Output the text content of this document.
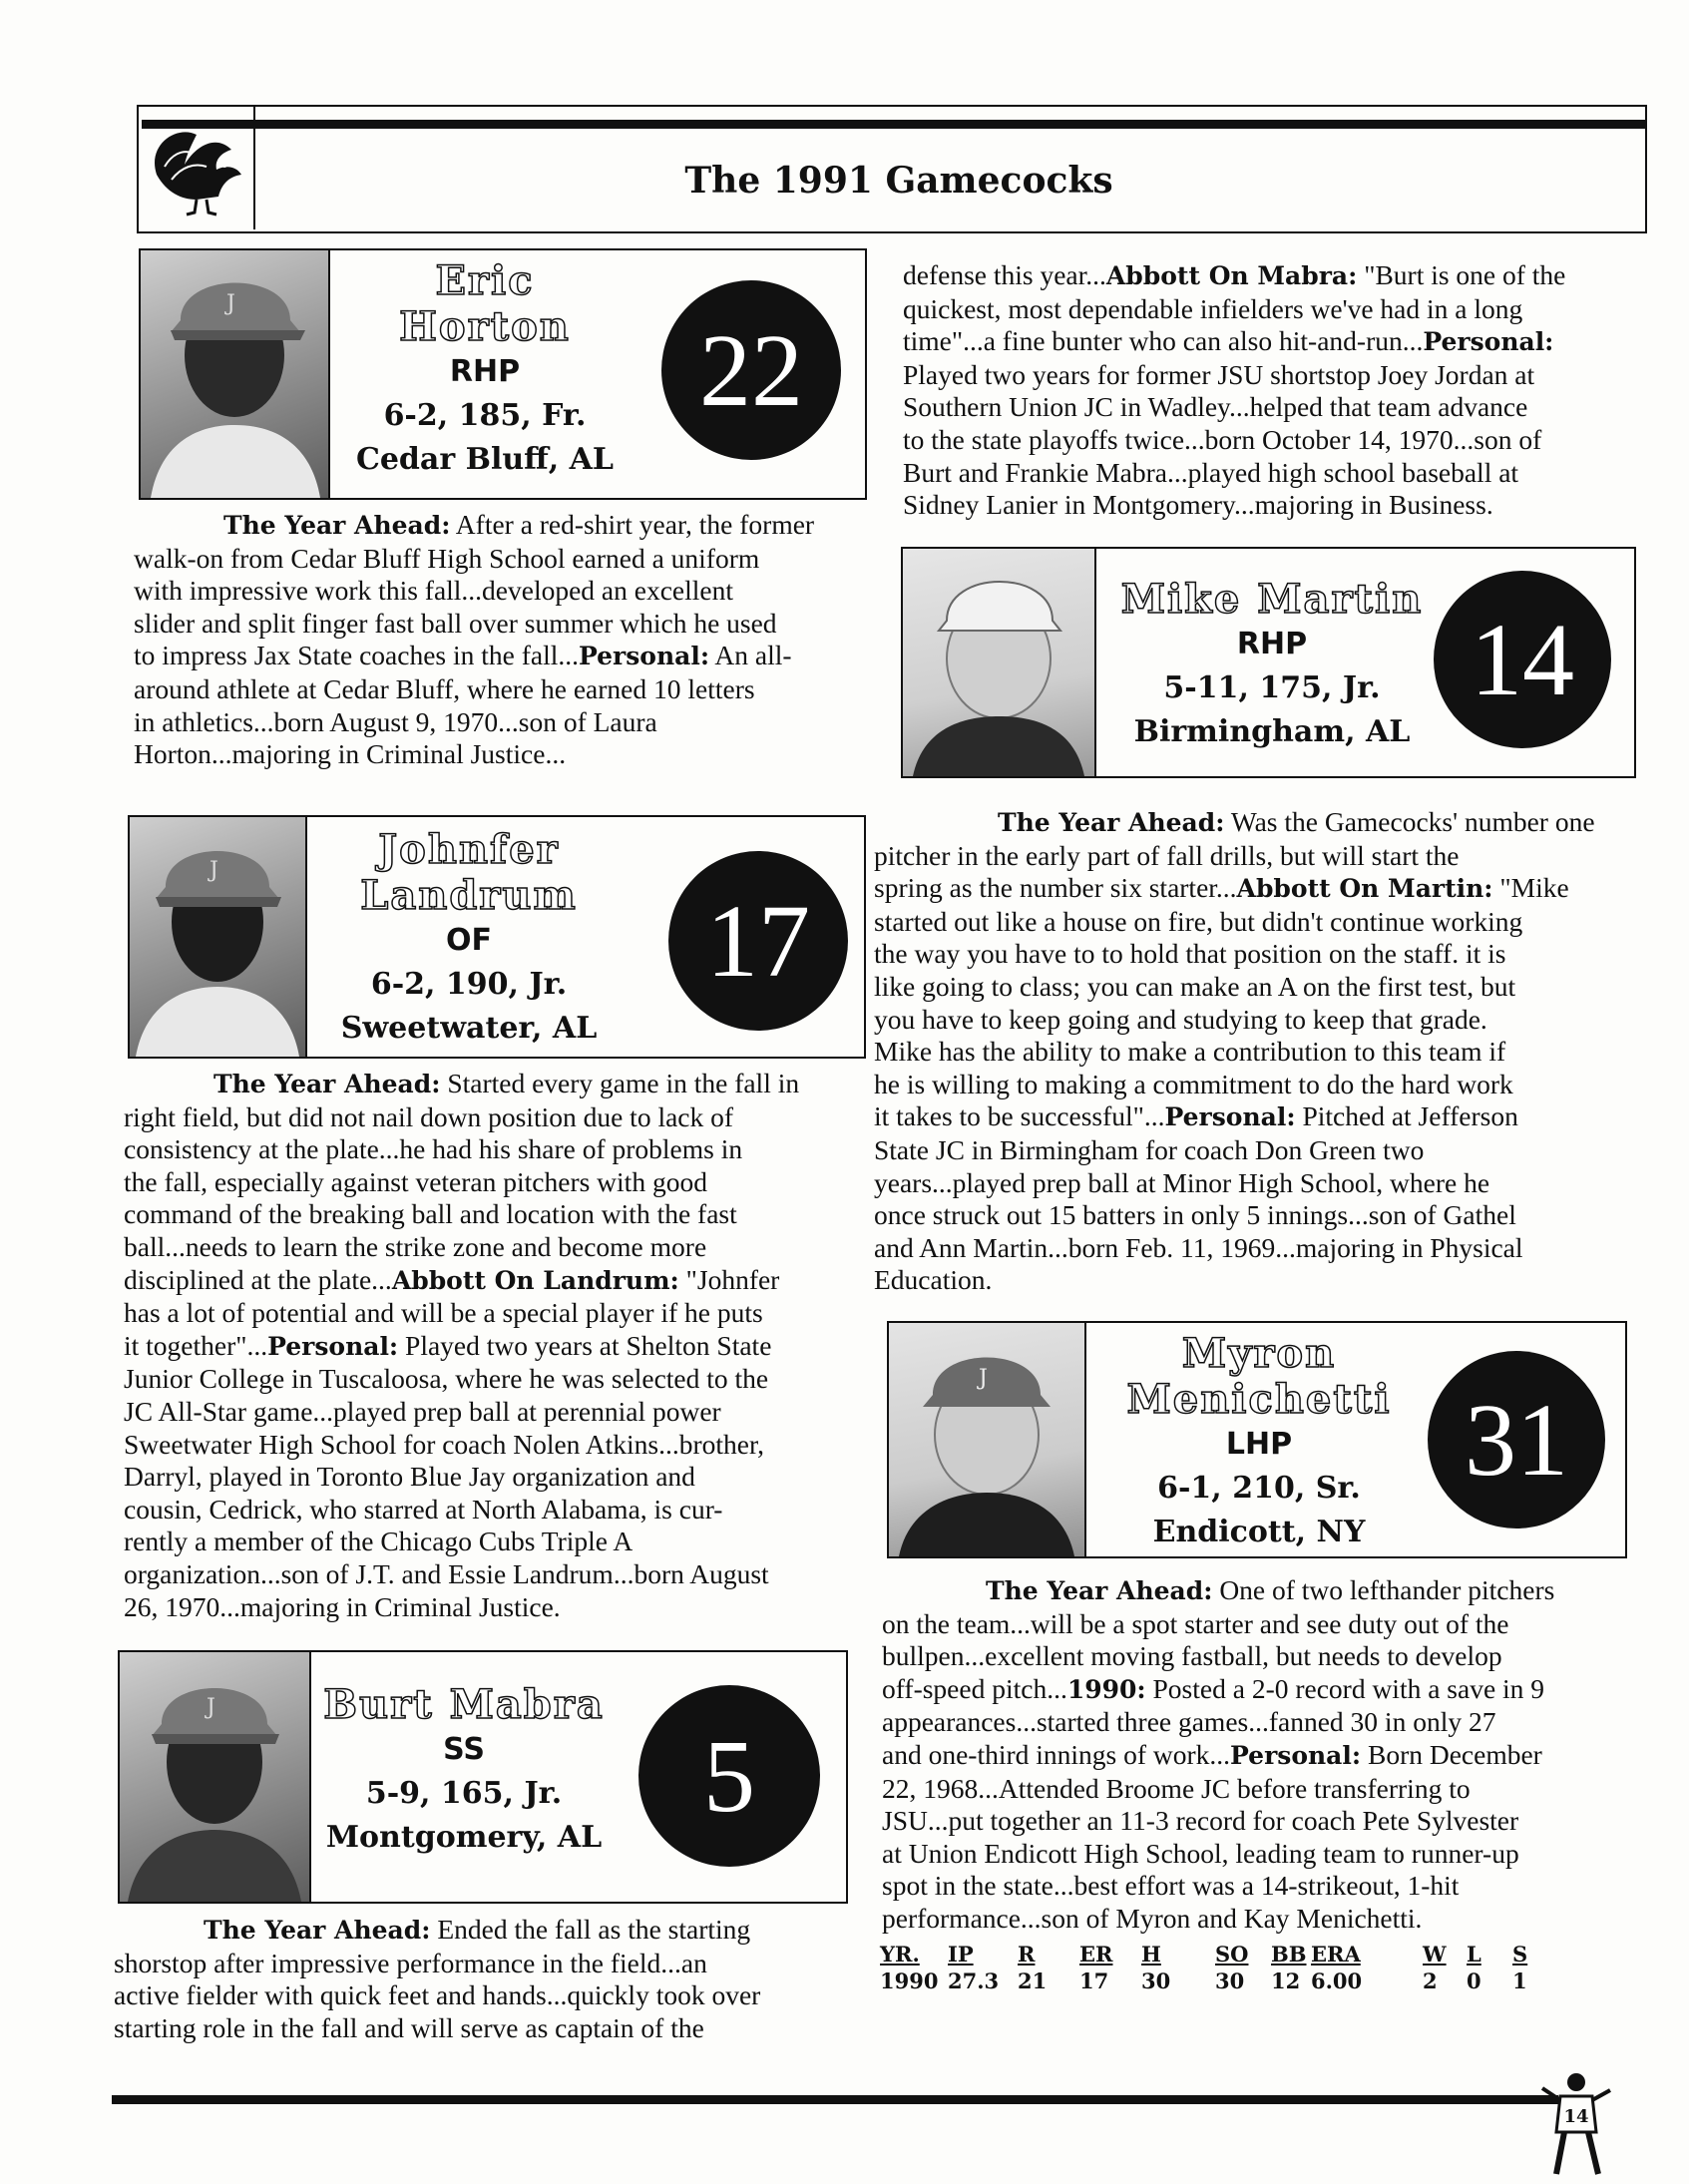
The 1991 Gamecocks
J	Eric
Horton
RHP
6-2, 185, Fr.
Cedar Bluff, AL
22
The Year Ahead: After a red-shirt year, the former
walk-on from Cedar Bluff High School earned a uniform
with impressive work this fall...developed an excellent
slider and split finger fast ball over summer which he used
to impress Jax State coaches in the fall...Personal: An all-
around athlete at Cedar Bluff, where he earned 10 letters
in athletics...born August 9, 1970...son of Laura
Horton...majoring in Criminal Justice...
J	Johnfer
Landrum
OF
6-2, 190, Jr.
Sweetwater, AL
17
The Year Ahead: Started every game in the fall in
right field, but did not nail down position due to lack of
consistency at the plate...he had his share of problems in
the fall, especially against veteran pitchers with good
command of the breaking ball and location with the fast
ball...needs to learn the strike zone and become more
disciplined at the plate...Abbott On Landrum: "Johnfer
has a lot of potential and will be a special player if he puts
it together"...Personal: Played two years at Shelton State
Junior College in Tuscaloosa, where he was selected to the
JC All-Star game...played prep ball at perennial power
Sweetwater High School for coach Nolen Atkins...brother,
Darryl, played in Toronto Blue Jay organization and
cousin, Cedrick, who starred at North Alabama, is cur-
rently a member of the Chicago Cubs Triple A
organization...son of J.T. and Essie Landrum...born August
26, 1970...majoring in Criminal Justice.
J	Burt Mabra
SS
5-9, 165, Jr.
Montgomery, AL
5
The Year Ahead: Ended the fall as the starting
shorstop after impressive performance in the field...an
active fielder with quick feet and hands...quickly took over
starting role in the fall and will serve as captain of the
defense this year...Abbott On Mabra: "Burt is one of the
quickest, most dependable infielders we've had in a long
time"...a fine bunter who can also hit-and-run...Personal:
Played two years for former JSU shortstop Joey Jordan at
Southern Union JC in Wadley...helped that team advance
to the state playoffs twice...born October 14, 1970...son of
Burt and Frankie Mabra...played high school baseball at
Sidney Lanier in Montgomery...majoring in Business.
Mike Martin
RHP
5-11, 175, Jr.
Birmingham, AL
14
The Year Ahead: Was the Gamecocks' number one
pitcher in the early part of fall drills, but will start the
spring as the number six starter...Abbott On Martin: "Mike
started out like a house on fire, but didn't continue working
the way you have to to hold that position on the staff. it is
like going to class; you can make an A on the first test, but
you have to keep going and studying to keep that grade.
Mike has the ability to make a contribution to this team if
he is willing to making a commitment to do the hard work
it takes to be successful"...Personal: Pitched at Jefferson
State JC in Birmingham for coach Don Green two
years...played prep ball at Minor High School, where he
once struck out 15 batters in only 5 innings...son of Gathel
and Ann Martin...born Feb. 11, 1969...majoring in Physical
Education.
J
Myron
Menichetti
LHP
6-1, 210, Sr.
Endicott, NY
31
The Year Ahead: One of two lefthander pitchers
on the team...will be a spot starter and see duty out of the
bullpen...excellent moving fastball, but needs to develop
off-speed pitch...1990: Posted a 2-0 record with a save in 9
appearances...started three games...fanned 30 in only 27
and one-third innings of work...Personal: Born December
22, 1968...Attended Broome JC before transferring to
JSU...put together an 11-3 record for coach Pete Sylvester
at Union Endicott High School, leading team to runner-up
spot in the state...best effort was a 14-strikeout, 1-hit
performance...son of Myron and Kay Menichetti.
YR.	IP	R	ER	H	SO	BB	ERA	W	L	S
1990	27.3	21	17	30	30	12	6.00	2	0	1
14
